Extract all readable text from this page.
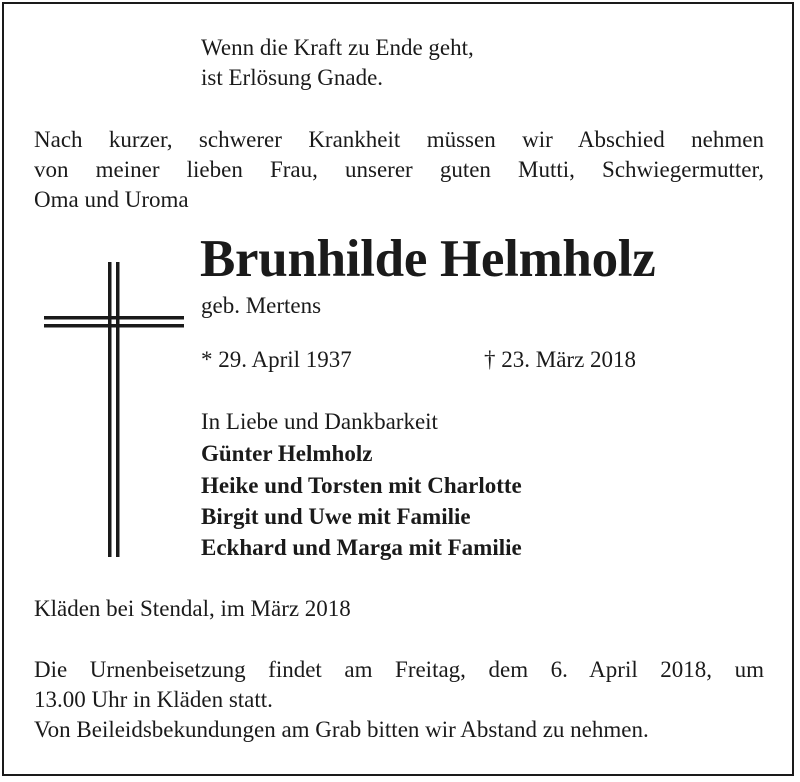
Wenn die Kraft zu Ende geht,

ist Erlösung Gnade.

Nach kurzer, schwerer Krankheit müssen wir Abschied nehmen
von meiner lieben Frau, unserer guten Mutti, Schwiegermutter,
Oma und Uroma

Brunhilde Helmholz

geb. Mertens

* 29. April 1937	† 23. März 2018

In Liebe und Dankbarkeit

Günter Helmholz

Heike und Torsten mit Charlotte

Birgit und Uwe mit Familie

Eckhard und Marga mit Familie

Kläden bei Stendal, im März 2018

Die Urnenbeisetzung findet am Freitag, dem 6. April 2018, um
13.00 Uhr in Kläden statt.
Von Beileidsbekundungen am Grab bitten wir Abstand zu nehmen.
